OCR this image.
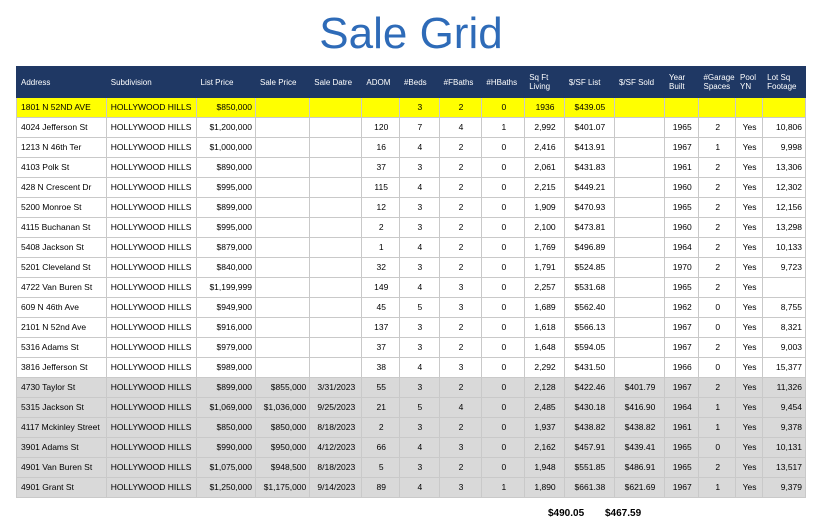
Sale Grid
Address	Subdivision	List Price	Sale Price	Sale Datre	ADOM	#Beds	#FBaths	#HBaths	Sq Ft Living	$/SF List	$/SF Sold	Year Built	#Garage Spaces	Pool YN	Lot Sq Footage
1801 N 52ND AVE	HOLLYWOOD HILLS	$850,000				3	2	0	1936	$439.05					
4024 Jefferson St	HOLLYWOOD HILLS	$1,200,000			120	7	4	1	2,992	$401.07		1965	2	Yes	10,806
1213 N 46th Ter	HOLLYWOOD HILLS	$1,000,000			16	4	2	0	2,416	$413.91		1967	1	Yes	9,998
4103 Polk St	HOLLYWOOD HILLS	$890,000			37	3	2	0	2,061	$431.83		1961	2	Yes	13,306
428 N Crescent Dr	HOLLYWOOD HILLS	$995,000			115	4	2	0	2,215	$449.21		1960	2	Yes	12,302
5200 Monroe St	HOLLYWOOD HILLS	$899,000			12	3	2	0	1,909	$470.93		1965	2	Yes	12,156
4115 Buchanan St	HOLLYWOOD HILLS	$995,000			2	3	2	0	2,100	$473.81		1960	2	Yes	13,298
5408 Jackson St	HOLLYWOOD HILLS	$879,000			1	4	2	0	1,769	$496.89		1964	2	Yes	10,133
5201 Cleveland St	HOLLYWOOD HILLS	$840,000			32	3	2	0	1,791	$524.85		1970	2	Yes	9,723
4722 Van Buren St	HOLLYWOOD HILLS	$1,199,999			149	4	3	0	2,257	$531.68		1965	2	Yes	
609 N 46th Ave	HOLLYWOOD HILLS	$949,900			45	5	3	0	1,689	$562.40		1962	0	Yes	8,755
2101 N 52nd Ave	HOLLYWOOD HILLS	$916,000			137	3	2	0	1,618	$566.13		1967	0	Yes	8,321
5316 Adams St	HOLLYWOOD HILLS	$979,000			37	3	2	0	1,648	$594.05		1967	2	Yes	9,003
3816 Jefferson St	HOLLYWOOD HILLS	$989,000			38	4	3	0	2,292	$431.50		1966	0	Yes	15,377
4730 Taylor St	HOLLYWOOD HILLS	$899,000	$855,000	3/31/2023	55	3	2	0	2,128	$422.46	$401.79	1967	2	Yes	11,326
5315 Jackson St	HOLLYWOOD HILLS	$1,069,000	$1,036,000	9/25/2023	21	5	4	0	2,485	$430.18	$416.90	1964	1	Yes	9,454
4117 Mckinley Street	HOLLYWOOD HILLS	$850,000	$850,000	8/18/2023	2	3	2	0	1,937	$438.82	$438.82	1961	1	Yes	9,378
3901 Adams St	HOLLYWOOD HILLS	$990,000	$950,000	4/12/2023	66	4	3	0	2,162	$457.91	$439.41	1965	0	Yes	10,131
4901 Van Buren St	HOLLYWOOD HILLS	$1,075,000	$948,500	8/18/2023	5	3	2	0	1,948	$551.85	$486.91	1965	2	Yes	13,517
4901 Grant St	HOLLYWOOD HILLS	$1,250,000	$1,175,000	9/14/2023	89	4	3	1	1,890	$661.38	$621.69	1967	1	Yes	9,379
$490.05 $467.59
